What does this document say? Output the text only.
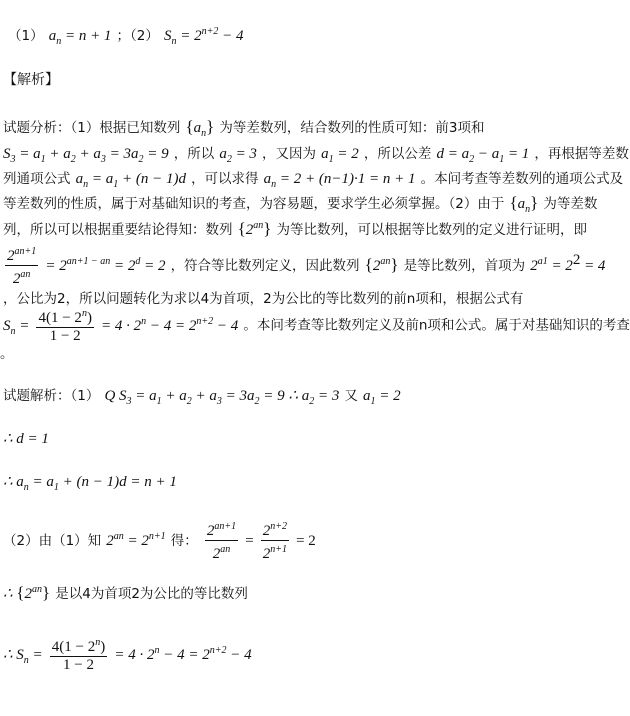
（1） $a_n = n + 1$ ；（2） $S_n = 2^{n+2} - 4$
【解析】
试题分析：（1）根据已知数列 $\{a_n\}$ 为等差数列，结合数列的性质可知：前3项和
$S_3 = a_1 + a_2 + a_3 = 3a_2 = 9$ ，所以 $a_2 = 3$ ，又因为 $a_1 = 2$ ，所以公差 $d = a_2 - a_1 = 1$ ，再根据等差数
列通项公式 $a_n = a_1 + (n - 1)d$ ，可以求得 $a_n = 2 + (n-1)\cdot 1 = n + 1$ 。本问考查等差数列的通项公式及
等差数列的性质，属于对基础知识的考查，为容易题，要求学生必须掌握。（2）由于 $\{a_n\}$ 为等差数
列，所以可以根据重要结论得知：数列 $\{2^{an}\}$ 为等比数列，可以根据等比数列的定义进行证明，即
$\frac{2^{an+1}}{2^{an}} = 2^{an+1 - an} = 2^d = 2$ ，符合等比数列定义，因此数列 $\{2^{an}\}$ 是等比数列，首项为 $2^{a1} = 2^2 = 4$
，公比为2，所以问题转化为求以4为首项，2为公比的等比数列的前n项和，根据公式有
$S_n = \frac{4(1 - 2^n)}{1 - 2} = 4 \cdot 2^n - 4 = 2^{n+2} - 4$ 。本问考查等比数列定义及前n项和公式。属于对基础知识的考查
。
试题解析：（1） Q $S_3 = a_1 + a_2 + a_3 = 3a_2 = 9$ ∴ $a_2 = 3$ 又 $a_1 = 2$
∴ d = 1
∴ $a_n = a_1 + (n - 1)d = n + 1$
（2）由（1）知 $2^{an} = 2^{n+1}$ 得： $\frac{2^{an+1}}{2^{an}} = \frac{2^{n+2}}{2^{n+1}} = 2$
∴ $\{2^{an}\}$ 是以4为首项2为公比的等比数列
∴ $S_n = \frac{4(1 - 2^n)}{1 - 2} = 4 \cdot 2^n - 4 = 2^{n+2} - 4$
